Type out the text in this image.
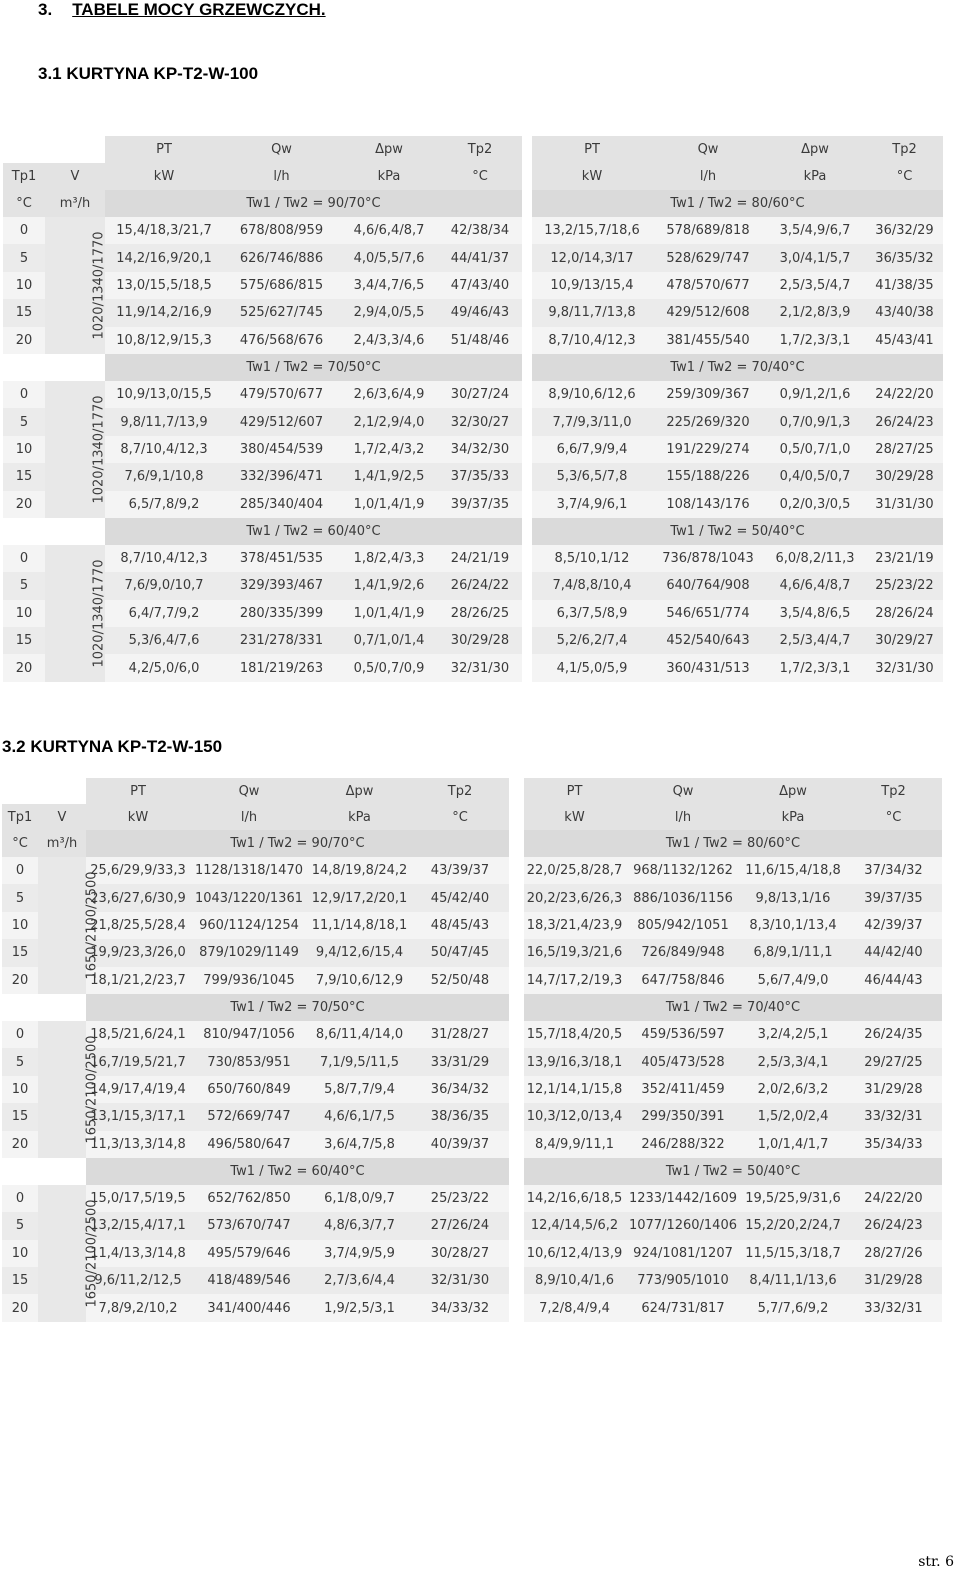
3. TABELE MOCY GRZEWCZYCH.
3.1 KURTYNA KP-T2-W-100
		PT	Qw	Δpw	Tp2		PT	Qw	Δpw	Tp2
Tp1	V	kW	l/h	kPa	°C		kW	l/h	kPa	°C
°C	m³/h	Tw1 / Tw2 = 90/70°C					Tw1 / Tw2 = 80/60°C			
0	1020/1340/1770	15,4/18,3/21,7	678/808/959	4,6/6,4/8,7	42/38/34		13,2/15,7/18,6	578/689/818	3,5/4,9/6,7	36/32/29
5		14,2/16,9/20,1	626/746/886	4,0/5,5/7,6	44/41/37		12,0/14,3/17	528/629/747	3,0/4,1/5,7	36/35/32
10		13,0/15,5/18,5	575/686/815	3,4/4,7/6,5	47/43/40		10,9/13/15,4	478/570/677	2,5/3,5/4,7	41/38/35
15		11,9/14,2/16,9	525/627/745	2,9/4,0/5,5	49/46/43		9,8/11,7/13,8	429/512/608	2,1/2,8/3,9	43/40/38
20		10,8/12,9/15,3	476/568/676	2,4/3,3/4,6	51/48/46		8,7/10,4/12,3	381/455/540	1,7/2,3/3,1	45/43/41
		Tw1 / Tw2 = 70/50°C					Tw1 / Tw2 = 70/40°C			
0	1020/1340/1770	10,9/13,0/15,5	479/570/677	2,6/3,6/4,9	30/27/24		8,9/10,6/12,6	259/309/367	0,9/1,2/1,6	24/22/20
5		9,8/11,7/13,9	429/512/607	2,1/2,9/4,0	32/30/27		7,7/9,3/11,0	225/269/320	0,7/0,9/1,3	26/24/23
10		8,7/10,4/12,3	380/454/539	1,7/2,4/3,2	34/32/30		6,6/7,9/9,4	191/229/274	0,5/0,7/1,0	28/27/25
15		7,6/9,1/10,8	332/396/471	1,4/1,9/2,5	37/35/33		5,3/6,5/7,8	155/188/226	0,4/0,5/0,7	30/29/28
20		6,5/7,8/9,2	285/340/404	1,0/1,4/1,9	39/37/35		3,7/4,9/6,1	108/143/176	0,2/0,3/0,5	31/31/30
		Tw1 / Tw2 = 60/40°C					Tw1 / Tw2 = 50/40°C			
0	1020/1340/1770	8,7/10,4/12,3	378/451/535	1,8/2,4/3,3	24/21/19		8,5/10,1/12	736/878/1043	6,0/8,2/11,3	23/21/19
5		7,6/9,0/10,7	329/393/467	1,4/1,9/2,6	26/24/22		7,4/8,8/10,4	640/764/908	4,6/6,4/8,7	25/23/22
10		6,4/7,7/9,2	280/335/399	1,0/1,4/1,9	28/26/25		6,3/7,5/8,9	546/651/774	3,5/4,8/6,5	28/26/24
15		5,3/6,4/7,6	231/278/331	0,7/1,0/1,4	30/29/28		5,2/6,2/7,4	452/540/643	2,5/3,4/4,7	30/29/27
20		4,2/5,0/6,0	181/219/263	0,5/0,7/0,9	32/31/30		4,1/5,0/5,9	360/431/513	1,7/2,3/3,1	32/31/30
3.2 KURTYNA KP-T2-W-150
		PT	Qw	Δpw	Tp2		PT	Qw	Δpw	Tp2
Tp1	V	kW	l/h	kPa	°C		kW	l/h	kPa	°C
°C	m³/h	Tw1 / Tw2 = 90/70°C					Tw1 / Tw2 = 80/60°C			
0	1650/2100/2500	25,6/29,9/33,3	1128/1318/1470	14,8/19,8/24,2	43/39/37		22,0/25,8/28,7	968/1132/1262	11,6/15,4/18,8	37/34/32
5		23,6/27,6/30,9	1043/1220/1361	12,9/17,2/20,1	45/42/40		20,2/23,6/26,3	886/1036/1156	9,8/13,1/16	39/37/35
10		21,8/25,5/28,4	960/1124/1254	11,1/14,8/18,1	48/45/43		18,3/21,4/23,9	805/942/1051	8,3/10,1/13,4	42/39/37
15		19,9/23,3/26,0	879/1029/1149	9,4/12,6/15,4	50/47/45		16,5/19,3/21,6	726/849/948	6,8/9,1/11,1	44/42/40
20		18,1/21,2/23,7	799/936/1045	7,9/10,6/12,9	52/50/48		14,7/17,2/19,3	647/758/846	5,6/7,4/9,0	46/44/43
		Tw1 / Tw2 = 70/50°C					Tw1 / Tw2 = 70/40°C			
0	1650/2100/2500	18,5/21,6/24,1	810/947/1056	8,6/11,4/14,0	31/28/27		15,7/18,4/20,5	459/536/597	3,2/4,2/5,1	26/24/35
5		16,7/19,5/21,7	730/853/951	7,1/9,5/11,5	33/31/29		13,9/16,3/18,1	405/473/528	2,5/3,3/4,1	29/27/25
10		14,9/17,4/19,4	650/760/849	5,8/7,7/9,4	36/34/32		12,1/14,1/15,8	352/411/459	2,0/2,6/3,2	31/29/28
15		13,1/15,3/17,1	572/669/747	4,6/6,1/7,5	38/36/35		10,3/12,0/13,4	299/350/391	1,5/2,0/2,4	33/32/31
20		11,3/13,3/14,8	496/580/647	3,6/4,7/5,8	40/39/37		8,4/9,9/11,1	246/288/322	1,0/1,4/1,7	35/34/33
		Tw1 / Tw2 = 60/40°C					Tw1 / Tw2 = 50/40°C			
0	1650/2100/2500	15,0/17,5/19,5	652/762/850	6,1/8,0/9,7	25/23/22		14,2/16,6/18,5	1233/1442/1609	19,5/25,9/31,6	24/22/20
5		13,2/15,4/17,1	573/670/747	4,8/6,3/7,7	27/26/24		12,4/14,5/6,2	1077/1260/1406	15,2/20,2/24,7	26/24/23
10		11,4/13,3/14,8	495/579/646	3,7/4,9/5,9	30/28/27		10,6/12,4/13,9	924/1081/1207	11,5/15,3/18,7	28/27/26
15		9,6/11,2/12,5	418/489/546	2,7/3,6/4,4	32/31/30		8,9/10,4/1,6	773/905/1010	8,4/11,1/13,6	31/29/28
20		7,8/9,2/10,2	341/400/446	1,9/2,5/3,1	34/33/32		7,2/8,4/9,4	624/731/817	5,7/7,6/9,2	33/32/31
str. 6
